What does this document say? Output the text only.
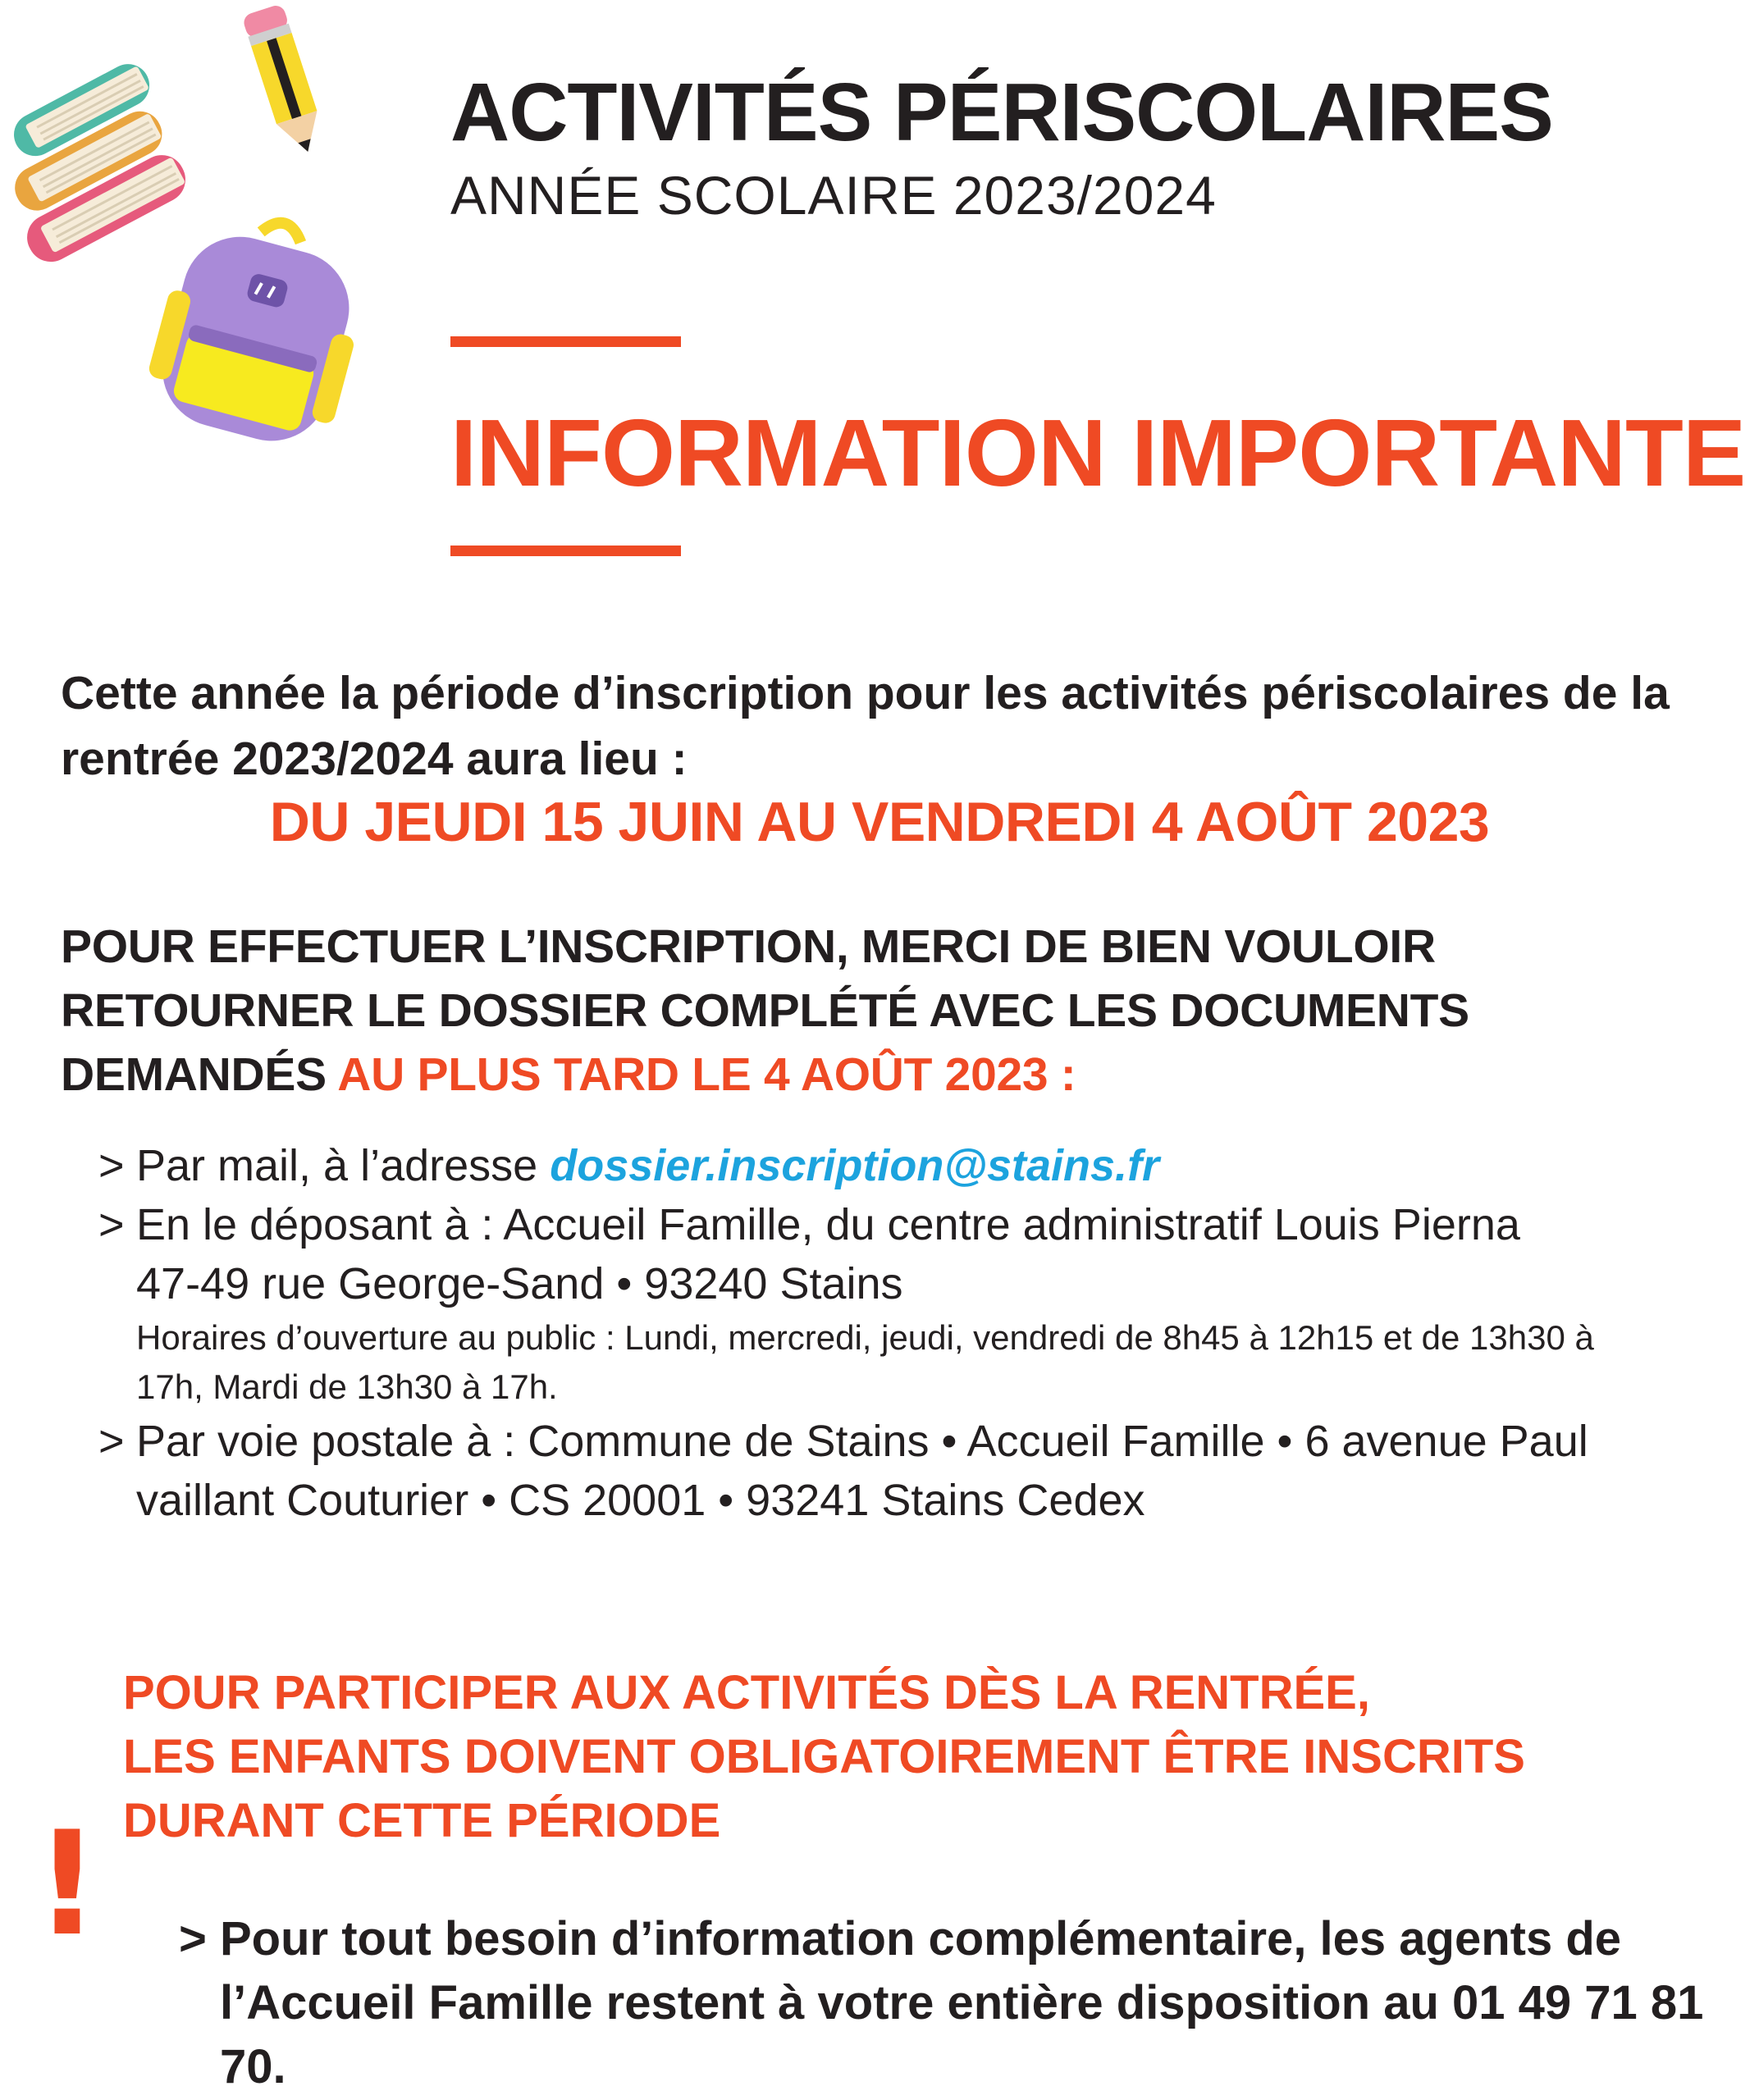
ACTIVITÉS PÉRISCOLAIRES
ANNÉE SCOLAIRE 2023/2024
INFORMATION IMPORTANTE
Cette année la période d’inscription pour les activités périscolaires de la rentrée 2023/2024 aura lieu :
DU JEUDI 15 JUIN AU VENDREDI 4 AOÛT 2023
POUR EFFECTUER L’INSCRIPTION, MERCI DE BIEN VOULOIR RETOURNER LE DOSSIER COMPLÉTÉ AVEC LES DOCUMENTS DEMANDÉS AU PLUS TARD LE 4 AOÛT 2023 :
> Par mail, à l’adresse dossier.inscription@stains.fr
> En le déposant à : Accueil Famille, du centre administratif Louis Pierna
47-49 rue George-Sand • 93240 Stains
Horaires d’ouverture au public : Lundi, mercredi, jeudi, vendredi de 8h45 à 12h15 et de 13h30 à 17h, Mardi de 13h30 à 17h.
> Par voie postale à : Commune de Stains • Accueil Famille • 6 avenue Paul
vaillant Couturier • CS 20001 • 93241 Stains Cedex
POUR PARTICIPER AUX ACTIVITÉS DÈS LA RENTRÉE,
LES ENFANTS DOIVENT OBLIGATOIREMENT ÊTRE INSCRITS
DURANT CETTE PÉRIODE
! > Pour tout besoin d’information complémentaire, les agents de l’Accueil Famille restent à votre entière disposition au 01 49 71 81 70.
